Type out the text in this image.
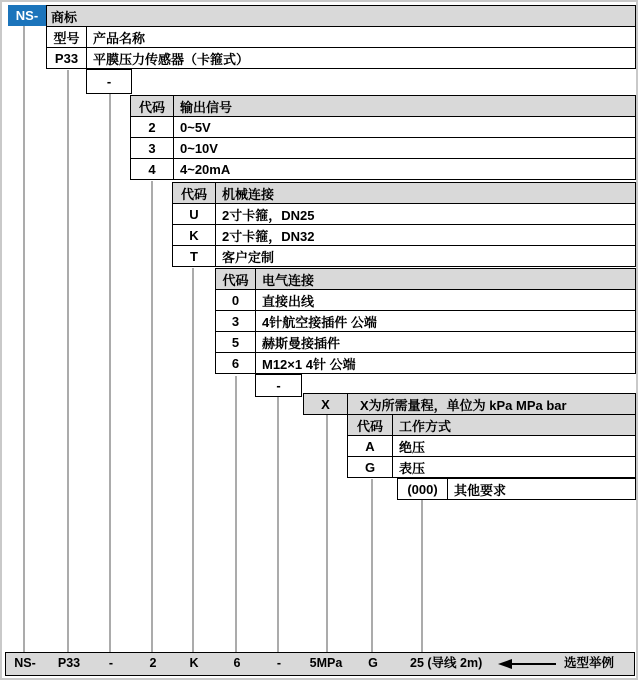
NS- 商标
型号	产品名称
P33	平膜压力传感器（卡箍式）
-
代码	输出信号
2	0~5V
3	0~10V
4	4~20mA
代码	机械连接
U	2寸卡箍，DN25
K	2寸卡箍，DN32
T	客户定制
代码	电气连接
0	直接出线
3	4针航空接插件 公端
5	赫斯曼接插件
6	M12×1 4针 公端
-
X	X为所需量程，单位为 kPa MPa bar
代码	工作方式
A	绝压
G	表压
(000)	其他要求
NS- P33 -	2	K	6	- 5MPa G	25 (导线 2m)	选型举例
